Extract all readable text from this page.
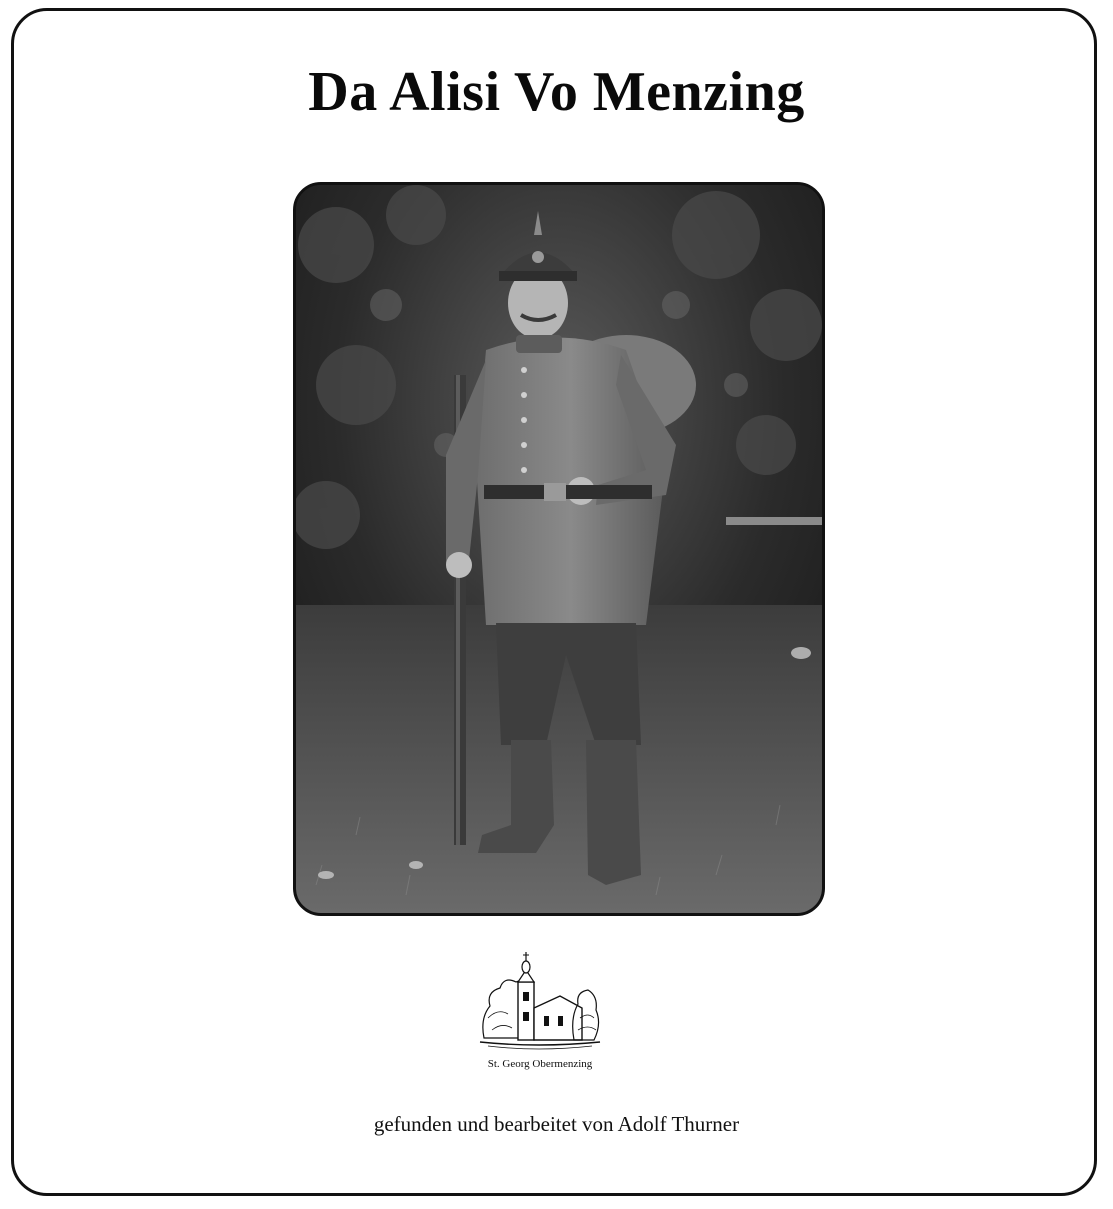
Da Alisi Vo Menzing
St. Georg Obermenzing
gefunden und bearbeitet von Adolf Thurner
